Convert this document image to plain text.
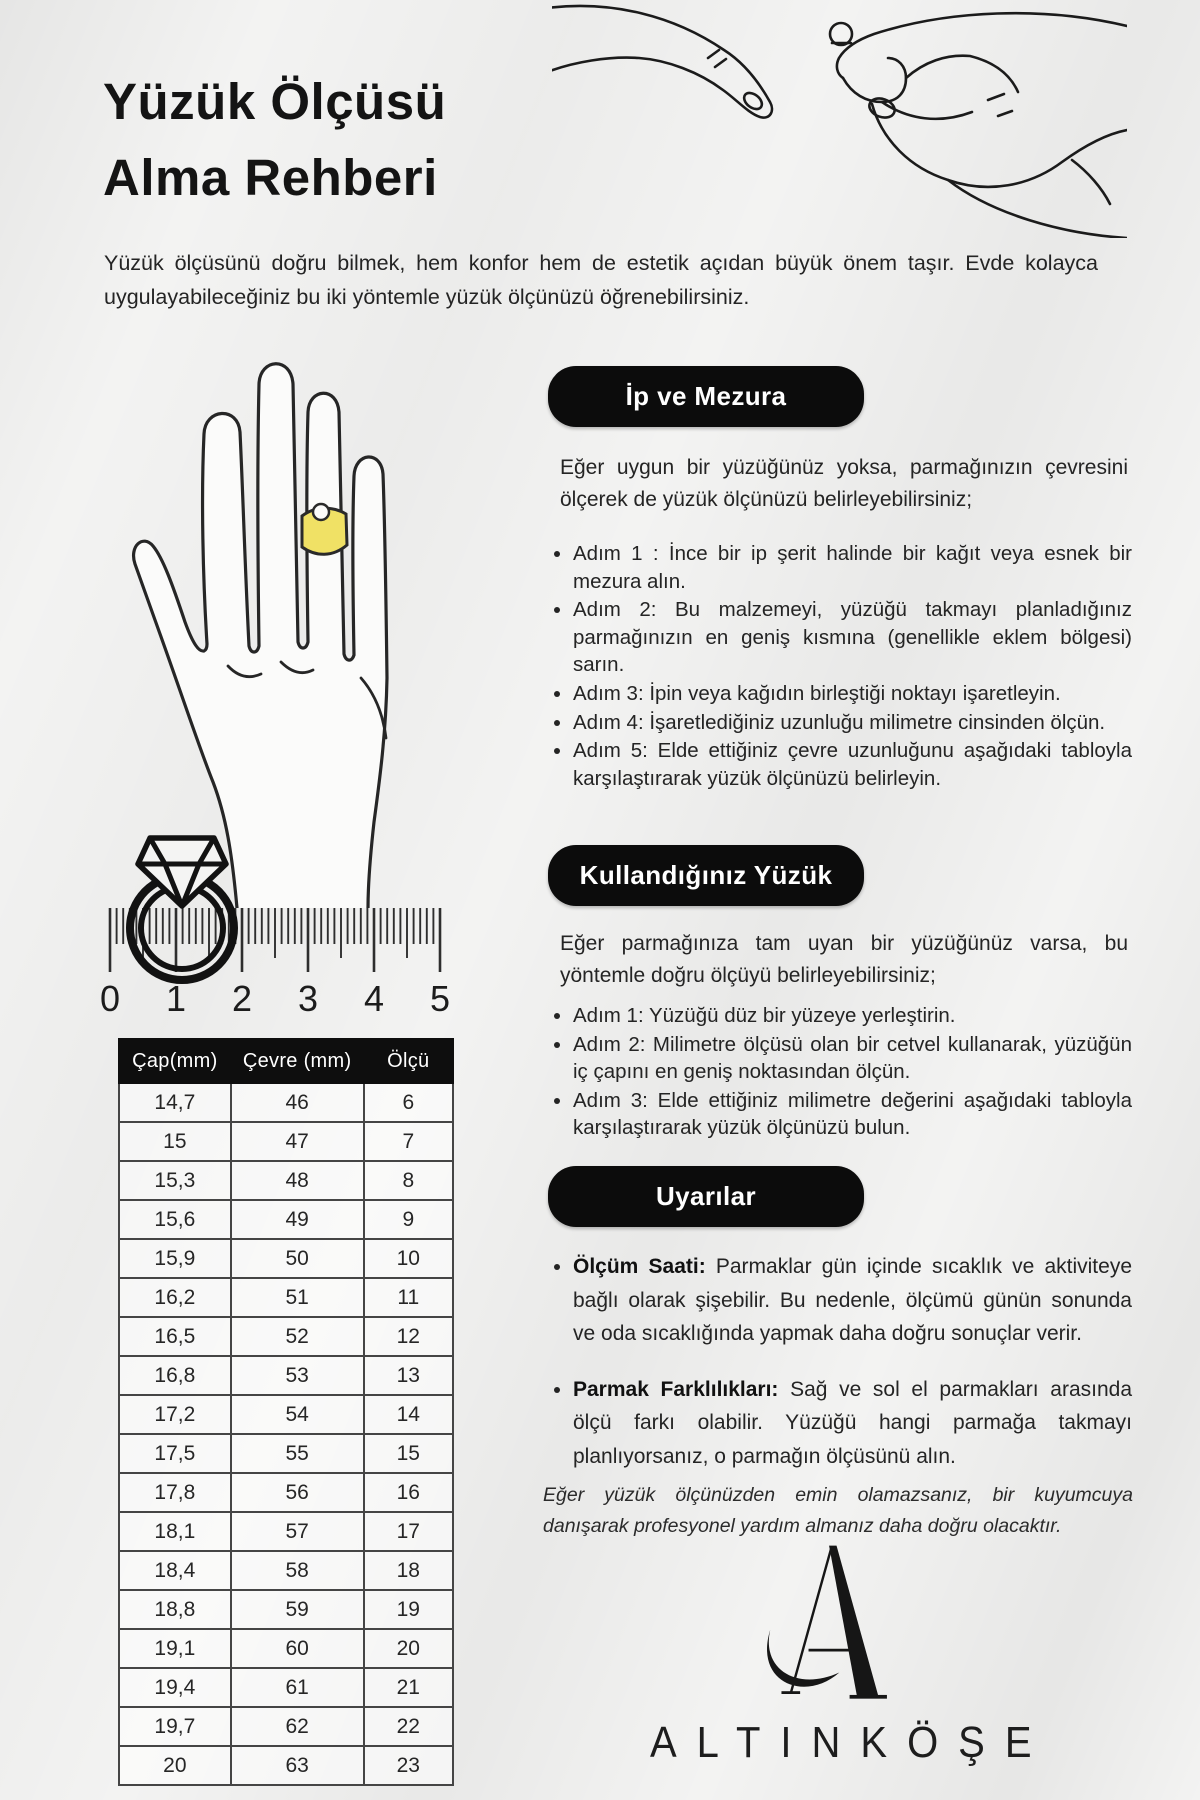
Yüzük Ölçüsü
Alma Rehberi
Yüzük ölçüsünü doğru bilmek, hem konfor hem de estetik açıdan büyük önem taşır. Evde kolayca uygulayabileceğiniz bu iki yöntemle yüzük ölçünüzü öğrenebilirsiniz.
0 1 2 3 4 5
Çap(mm)	Çevre (mm)	Ölçü
14,7	46	6
15	47	7
15,3	48	8
15,6	49	9
15,9	50	10
16,2	51	11
16,5	52	12
16,8	53	13
17,2	54	14
17,5	55	15
17,8	56	16
18,1	57	17
18,4	58	18
18,8	59	19
19,1	60	20
19,4	61	21
19,7	62	22
20	63	23
İp ve Mezura
Eğer uygun bir yüzüğünüz yoksa, parmağınızın çevresini ölçerek de yüzük ölçünüzü belirleyebilirsiniz;
• Adım 1 : İnce bir ip şerit halinde bir kağıt veya esnek bir mezura alın.
• Adım 2: Bu malzemeyi, yüzüğü takmayı planladığınız parmağınızın en geniş kısmına (genellikle eklem bölgesi) sarın.
• Adım 3: İpin veya kağıdın birleştiği noktayı işaretleyin.
• Adım 4: İşaretlediğiniz uzunluğu milimetre cinsinden ölçün.
• Adım 5: Elde ettiğiniz çevre uzunluğunu aşağıdaki tabloyla karşılaştırarak yüzük ölçünüzü belirleyin.
Kullandığınız Yüzük
Eğer parmağınıza tam uyan bir yüzüğünüz varsa, bu yöntemle doğru ölçüyü belirleyebilirsiniz;
• Adım 1: Yüzüğü düz bir yüzeye yerleştirin.
• Adım 2: Milimetre ölçüsü olan bir cetvel kullanarak, yüzüğün iç çapını en geniş noktasından ölçün.
• Adım 3: Elde ettiğiniz milimetre değerini aşağıdaki tabloyla karşılaştırarak yüzük ölçünüzü bulun.
Uyarılar
• Ölçüm Saati: Parmaklar gün içinde sıcaklık ve aktiviteye bağlı olarak şişebilir. Bu nedenle, ölçümü günün sonunda ve oda sıcaklığında yapmak daha doğru sonuçlar verir.
• Parmak Farklılıkları: Sağ ve sol el parmakları arasında ölçü farkı olabilir. Yüzüğü hangi parmağa takmayı planlıyorsanız, o parmağın ölçüsünü alın.
Eğer yüzük ölçünüzden emin olamazsanız, bir kuyumcuya danışarak profesyonel yardım almanız daha doğru olacaktır.
ALTINKÖŞE
